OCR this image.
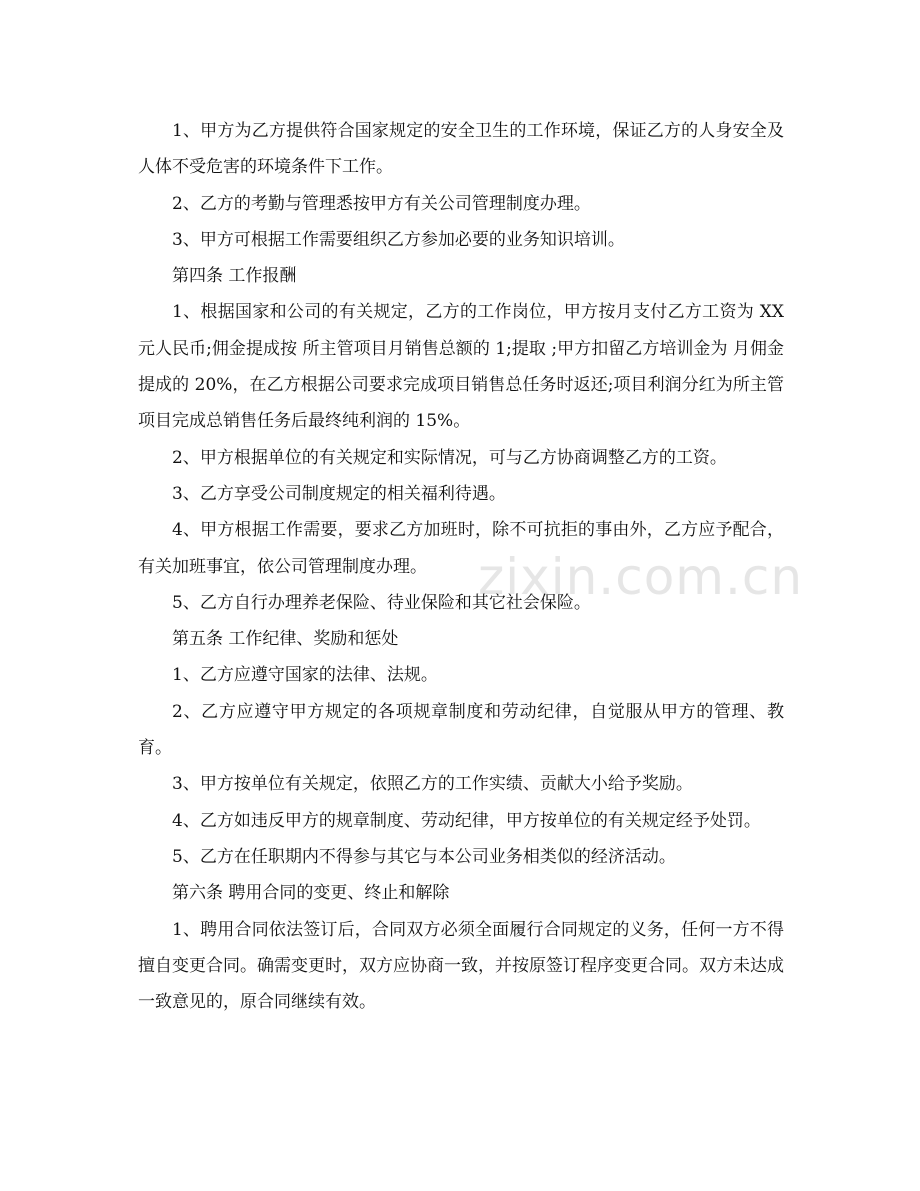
zixin.com.cn

1、甲方为乙方提供符合国家规定的安全卫生的工作环境，保证乙方的人身安全及人体不受危害的环境条件下工作。

2、乙方的考勤与管理悉按甲方有关公司管理制度办理。

3、甲方可根据工作需要组织乙方参加必要的业务知识培训。

第四条 工作报酬

1、根据国家和公司的有关规定，乙方的工作岗位，甲方按月支付乙方工资为 XX 元人民币;佣金提成按 所主管项目月销售总额的 1;提取 ;甲方扣留乙方培训金为 月佣金提成的 20%，在乙方根据公司要求完成项目销售总任务时返还;项目利润分红为所主管项目完成总销售任务后最终纯利润的 15%。

2、甲方根据单位的有关规定和实际情况，可与乙方协商调整乙方的工资。

3、乙方享受公司制度规定的相关福利待遇。

4、甲方根据工作需要，要求乙方加班时，除不可抗拒的事由外，乙方应予配合，有关加班事宜，依公司管理制度办理。

5、乙方自行办理养老保险、待业保险和其它社会保险。

第五条 工作纪律、奖励和惩处

1、乙方应遵守国家的法律、法规。

2、乙方应遵守甲方规定的各项规章制度和劳动纪律，自觉服从甲方的管理、教育。

3、甲方按单位有关规定，依照乙方的工作实绩、贡献大小给予奖励。

4、乙方如违反甲方的规章制度、劳动纪律，甲方按单位的有关规定经予处罚。

5、乙方在任职期内不得参与其它与本公司业务相类似的经济活动。

第六条 聘用合同的变更、终止和解除

1、聘用合同依法签订后，合同双方必须全面履行合同规定的义务，任何一方不得擅自变更合同。确需变更时，双方应协商一致，并按原签订程序变更合同。双方未达成一致意见的，原合同继续有效。
